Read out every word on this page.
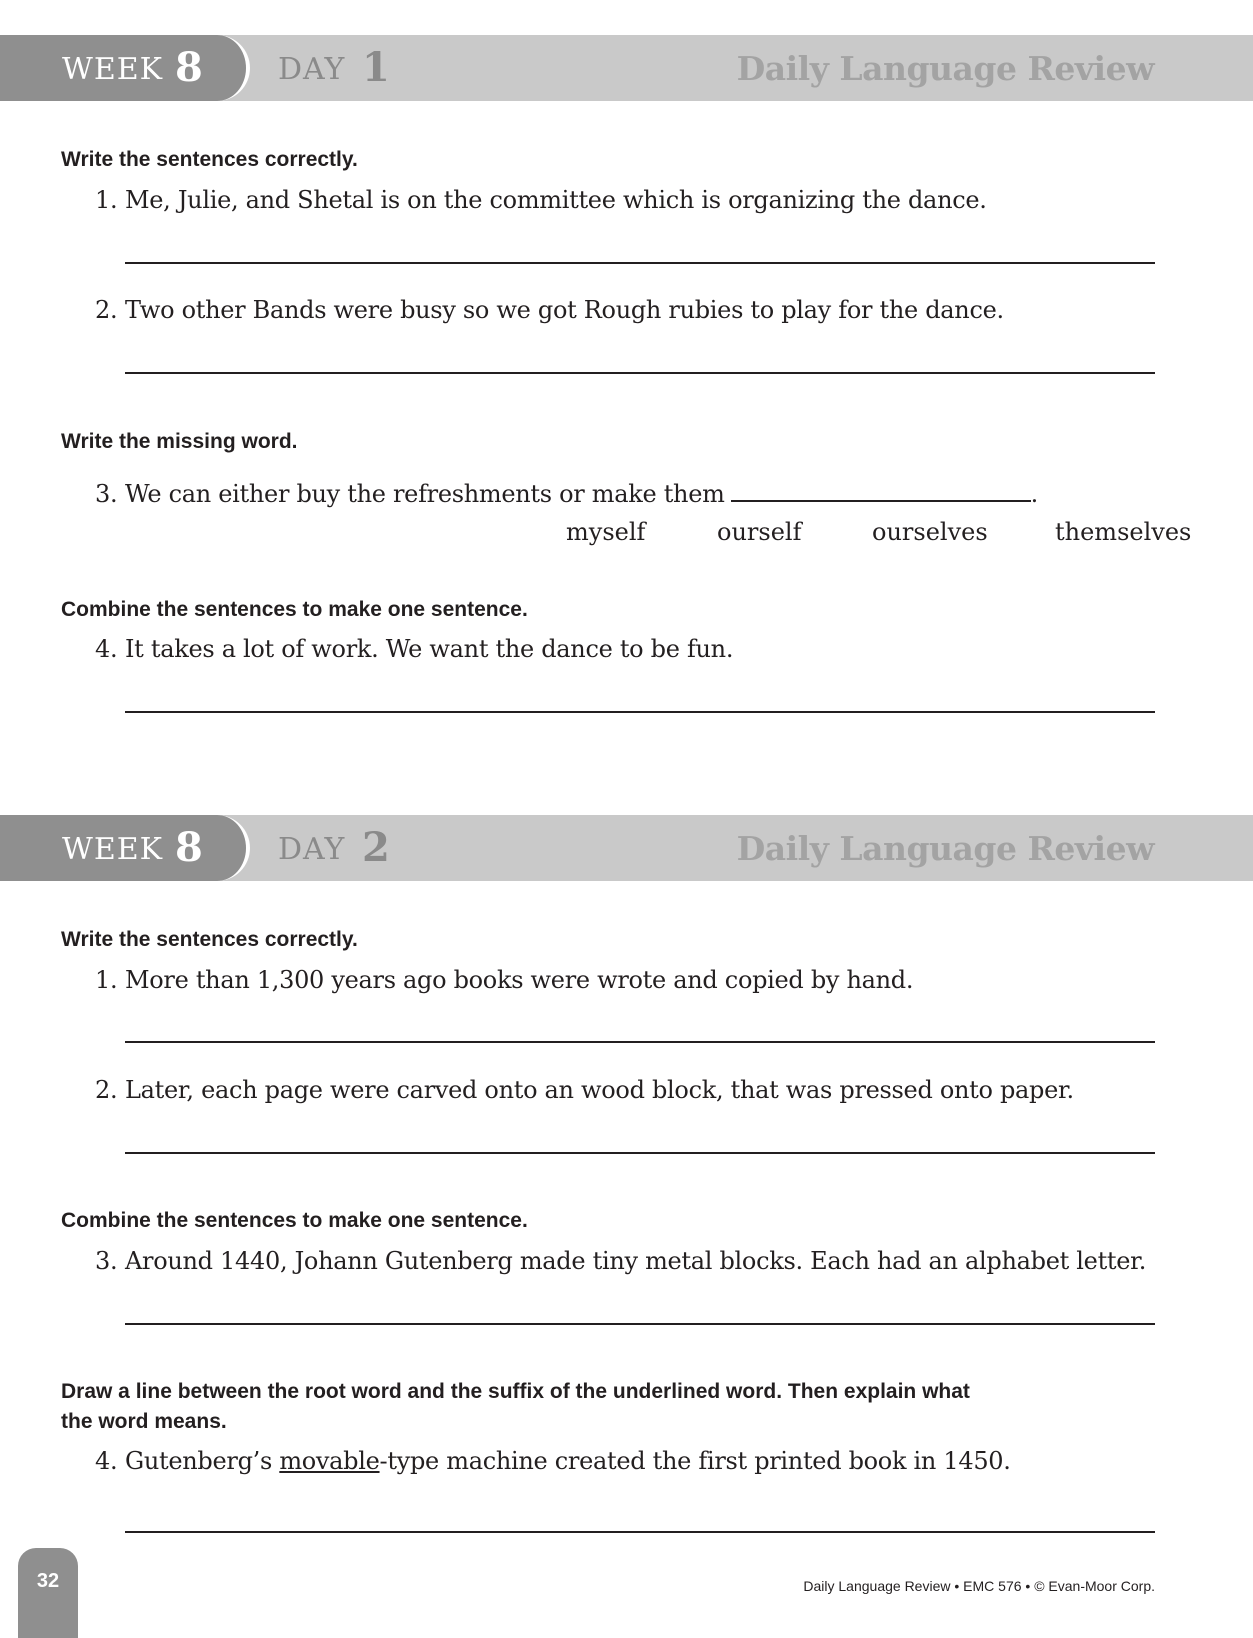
WEEK 8	DAY 1	Daily Language Review
Write the sentences correctly.
1. Me, Julie, and Shetal is on the committee which is organizing the dance.
2. Two other Bands were busy so we got Rough rubies to play for the dance.
Write the missing word.
3. We can either buy the refreshments or make them	.
myself	ourself	ourselves	themselves
Combine the sentences to make one sentence.
4. It takes a lot of work. We want the dance to be fun.
WEEK 8	DAY 2	Daily Language Review
Write the sentences correctly.
1. More than 1,300 years ago books were wrote and copied by hand.
2. Later, each page were carved onto an wood block, that was pressed onto paper.
Combine the sentences to make one sentence.
3. Around 1440, Johann Gutenberg made tiny metal blocks. Each had an alphabet letter.
Draw a line between the root word and the suffix of the underlined word. Then explain what
the word means.
4. Gutenberg’s movable-type machine created the first printed book in 1450.
32	Daily Language Review • EMC 576 • © Evan-Moor Corp.
